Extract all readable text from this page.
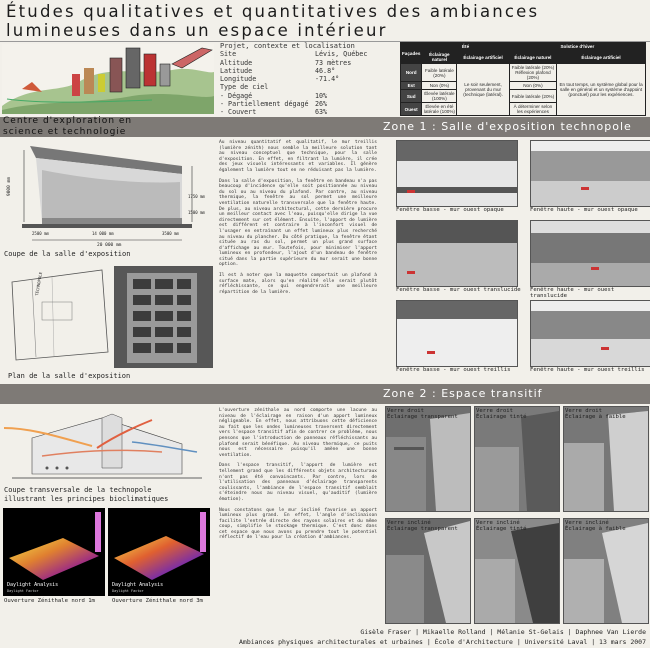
Études qualitatives et quantitatives des ambiances
lumineuses dans un espace intérieur
Projet, contexte et localisation
Site	Lévis, Québec
Altitude	73 mètres
Latitude	46.8°
Longitude	-71.4°
Type de ciel
- Dégagé	10%
- Partiellement dégagé 26%
- Couvert	63%
Façades	Été		Solstice d'hiver	
	Éclairage naturel	Éclairage artificiel	Éclairage naturel	Éclairage artificiel
Nord	Faible latérale (20%)	Le soir seulement, provenant du mur (technique (latéral).	Faible latérale (20%) Réflexion plafond (20%)	En tout temps, un système global pour la salle en général et un système d'appoint (ponctuel) pour les expériences.
Est	Non (0%)		Non (0%)	
Sud	Élevée latérale (100%)		Faible latérale (20%)	
Ouest	Élevée en été latérale (100%)		À déterminer selon les expériences	
Centre d'exploration en
science et technologie	Zone 1 : Salle d'exposition technopole
9000 mm
1750 mm
1500 mm
2500 mm	14 000 mm	3500 mm
20 000 mm
Coupe de la salle d'exposition
TECHNOPOLE
Plan de la salle d'exposition

Au niveau quantitatif et qualitatif, le mur treillis (lumière zénith) nous semble la meilleure solution tant au niveau conceptuel que technique, pour la salle d'exposition. En effet, en filtrant la lumière, il crée des jeux visuels intéressants et variables. Il génère également la lumière tout en ne réduisant pas la lumière.

Dans la salle d'exposition, la fenêtre en bandeau n'a pas beaucoup d'incidence qu'elle soit positionnée au niveau du sol ou au niveau du plafond. Par contre, au niveau thermique, la fenêtre au sol permet une meilleure ventilation naturelle transversale que la fenêtre haute. De plus, au niveau architectural, cette dernière procure un meilleur contact avec l'eau, puisqu'elle dirige la vue directement sur cet élément. Ensuite, l'apport de lumière est différent et contraire à l'inconfort visuel de l'usager en entraînant un effet lumineux plus recherché au niveau du plancher. Du côté pratique, la fenêtre étant située au ras du sol, permet un plus grand surface d'affichage au mur. Toutefois, pour minimiser l'apport lumineux en profondeur, l'ajout d'un bandeau de fenêtre situé dans la partie supérieure du mur serait une bonne option.

Il est à noter que la maquette comportait un plafond à surface mate, alors qu'en réalité elle serait plutôt réfléchissante, ce qui engendrerait une meilleure répartition de la lumière.

Fenêtre basse - mur ouest opaque	Fenêtre haute - mur ouest opaque
Fenêtre basse - mur ouest translucide Fenêtre haute - mur ouest translucide
Fenêtre basse - mur ouest treillis	Fenêtre haute - mur ouest treillis
Zone 2 : Espace transitif
Coupe transversale de la technopole
illustrant les principes bioclimatiques
Daylight Analysis
Daylight Factor
Daylight Analysis
Daylight Factor
Ouverture Zénithale nord 1m	Ouverture Zénithale nord 3m

L'ouverture zénithale au nord comporte une lacune au niveau de l'éclairage en raison d'un apport lumineux négligeable. En effet, nous attribuons cette déficience au fait que les ondes lumineuses traversent directement vers l'espace transitif afin de contrer ce problème, nous pensons que l'introduction de panneaux réfléchissants au plafond serait bénéfique. Au niveau thermique, ce puits nous est nécessaire puisqu'il amène une bonne ventilation.

Dans l'espace transitif, l'apport de lumière est tellement grand que les différents objets architecturaux n'ont pas été convaincants. Par contre, lors de l'utilisation des panneaux d'éclairage transparents coulissants, l'ambiance de l'espace transitif semblait s'éteindre nous au niveau visuel, qu'auditif (lumière émotion).

Nous constatons que le mur incliné favorise un apport lumineux plus grand. En effet, l'angle d'inclinaison facilite l'entrée directe des rayons solaires et du même coup, simplifie le stockage thermique. C'est donc dans cet espace que nous avons pu prendre tout le potentiel réflectif de l'eau pour la création d'ambiances.

Verre droit
Éclairage transparent
Verre droit
Éclairage tinté
Verre droit
Éclairage à faible
Verre incliné
Éclairage transparent
Verre incliné
Éclairage tinté
Verre incliné
Éclairage à faible
Gisèle Fraser | Mikaelle Rolland | Mélanie St-Gelais | Daphnee Van Lierde
Ambiances physiques architecturales et urbaines | École d'Architecture | Université Laval | 13 mars 2007
